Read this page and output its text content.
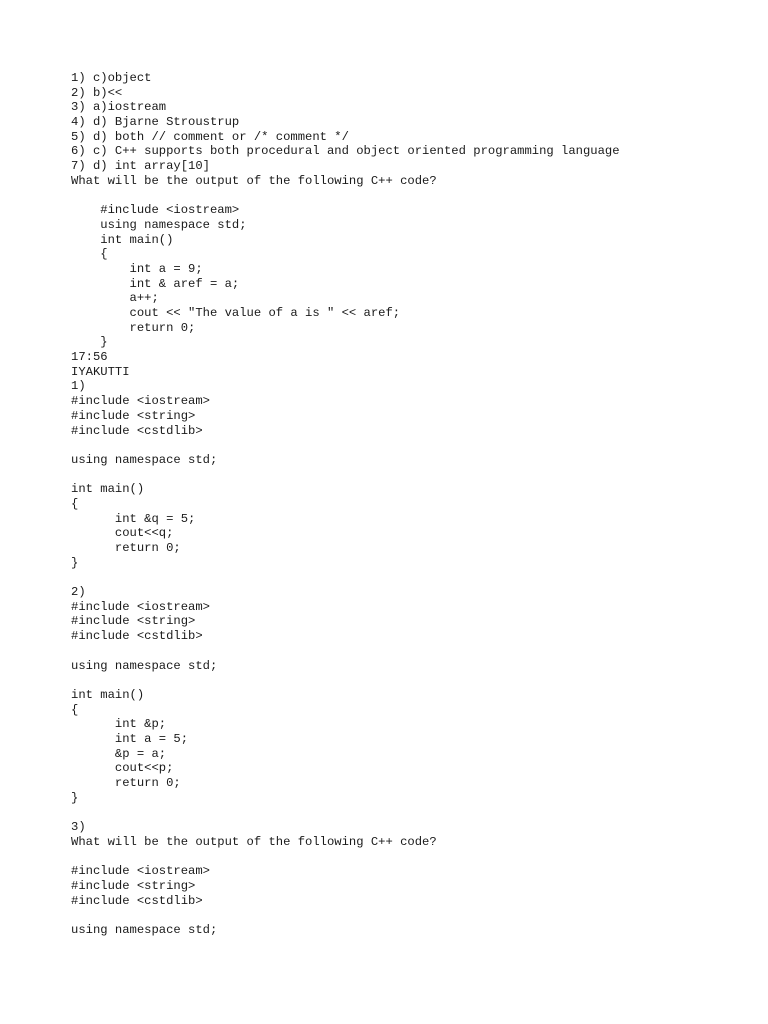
1) c)object
2) b)<<
3) a)iostream
4) d) Bjarne Stroustrup
5) d) both // comment or /* comment */
6) c) C++ supports both procedural and object oriented programming language
7) d) int array[10]
What will be the output of the following C++ code?
#include <iostream>
using namespace std;
int main()
{
int a = 9;
int & aref = a;
a++;
cout << "The value of a is " << aref;
return 0;
}
17:56
IYAKUTTI
1)
#include <iostream>
#include <string>
#include <cstdlib>
using namespace std;
int main()
{
int &q = 5;
cout<<q;
return 0;
}
2)
#include <iostream>
#include <string>
#include <cstdlib>
using namespace std;
int main()
{
int &p;
int a = 5;
&p = a;
cout<<p;
return 0;
}
3)
What will be the output of the following C++ code?
#include <iostream>
#include <string>
#include <cstdlib>
using namespace std;
